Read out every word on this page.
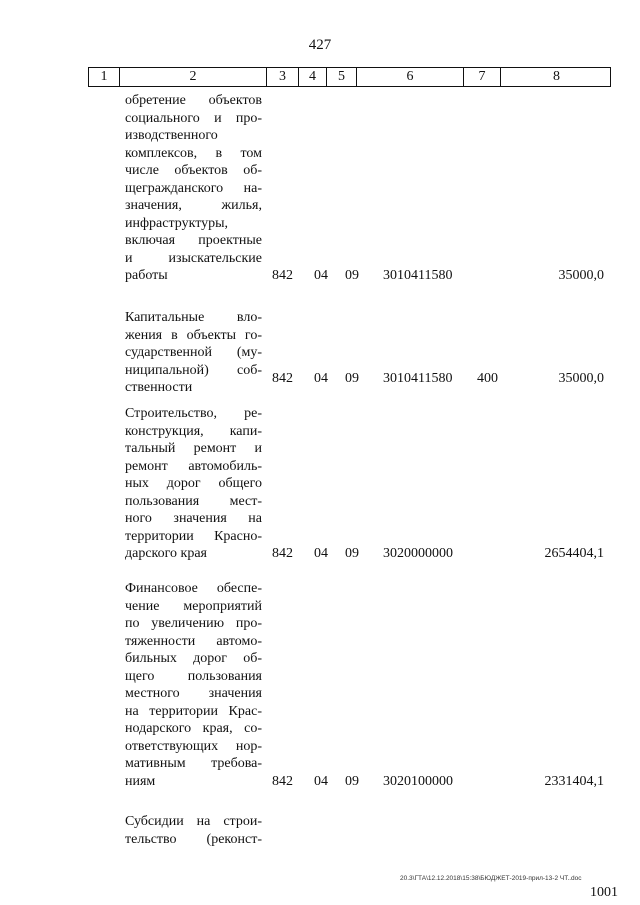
427
1	2	3	4	5	6	7	8
обретение объектов
социального и про-
изводственного
комплексов, в том
числе объектов об-
щегражданского на-
значения, жилья,
инфраструктуры,
включая проектные
и изыскательские
работы	842 04 09 3010411580	35000,0
Капитальные вло-
жения в объекты го-
сударственной (му-
ниципальной) соб-
ственности
842 04 09 3010411580 400	35000,0
Строительство, ре-
конструкция, капи-
тальный ремонт и
ремонт автомобиль-
ных дорог общего
пользования мест-
ного значения на
территории Красно-
дарского края	842 04 09 3020000000	2654404,1
Финансовое обеспе-
чение мероприятий
по увеличению про-
тяженности автомо-
бильных дорог об-
щего пользования
местного значения
на территории Крас-
нодарского края, со-
ответствующих нор-
мативным требова-
ниям	842 04 09 3020100000	2331404,1
Субсидии на строи-
тельство (реконст-
20.3\ГТА\12.12.2018\15:38\БЮДЖЕТ-2019-прил-13-2 ЧТ..doc
1001
